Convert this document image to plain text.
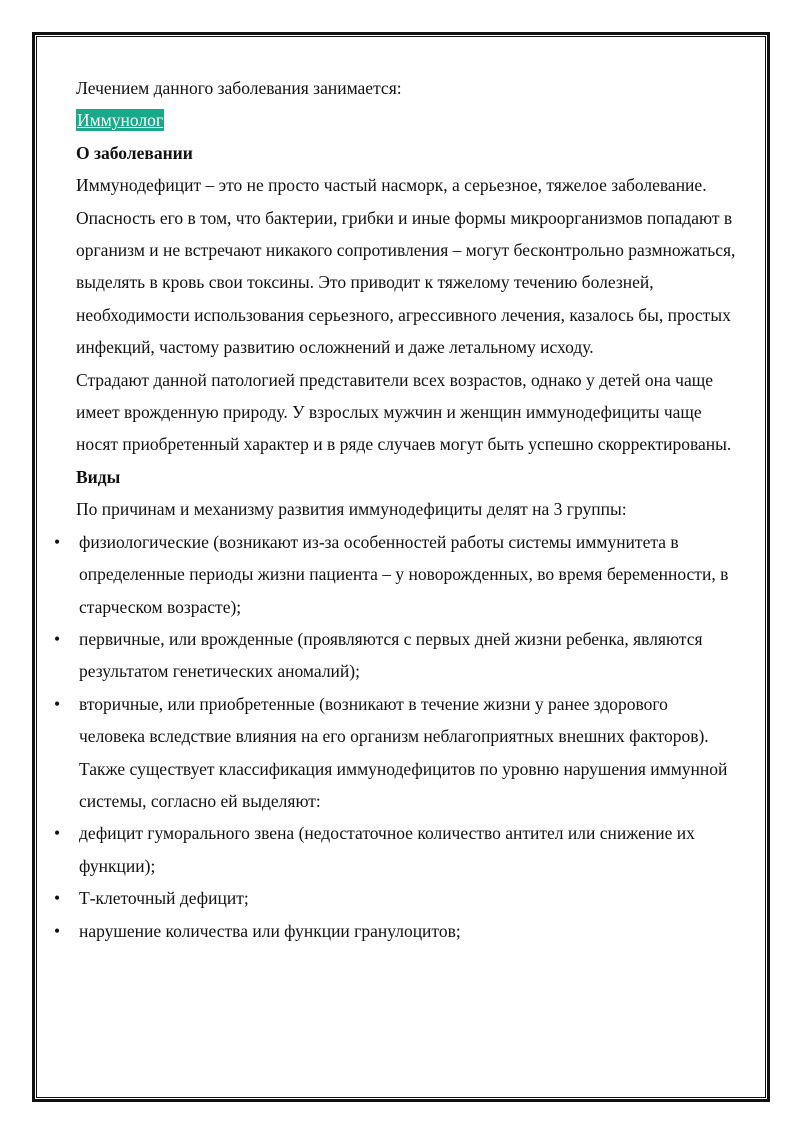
Лечением данного заболевания занимается:

Иммунолог

О заболевании

Иммунодефицит – это не просто частый насморк, а серьезное, тяжелое заболевание. Опасность его в том, что бактерии, грибки и иные формы микроорганизмов попадают в организм и не встречают никакого сопротивления – могут бесконтрольно размножаться, выделять в кровь свои токсины. Это приводит к тяжелому течению болезней, необходимости использования серьезного, агрессивного лечения, казалось бы, простых инфекций, частому развитию осложнений и даже летальному исходу.

Страдают данной патологией представители всех возрастов, однако у детей она чаще имеет врожденную природу. У взрослых мужчин и женщин иммунодефициты чаще носят приобретенный характер и в ряде случаев могут быть успешно скорректированы.

Виды

По причинам и механизму развития иммунодефициты делят на 3 группы:

• физиологические (возникают из-за особенностей работы системы иммунитета в определенные периоды жизни пациента – у новорожденных, во время беременности, в старческом возрасте);
• первичные, или врожденные (проявляются с первых дней жизни ребенка, являются результатом генетических аномалий);
• вторичные, или приобретенные (возникают в течение жизни у ранее здорового человека вследствие влияния на его организм неблагоприятных внешних факторов).

Также существует классификация иммунодефицитов по уровню нарушения иммунной системы, согласно ей выделяют:

• дефицит гуморального звена (недостаточное количество антител или снижение их функции);
• Т-клеточный дефицит;
• нарушение количества или функции гранулоцитов;
